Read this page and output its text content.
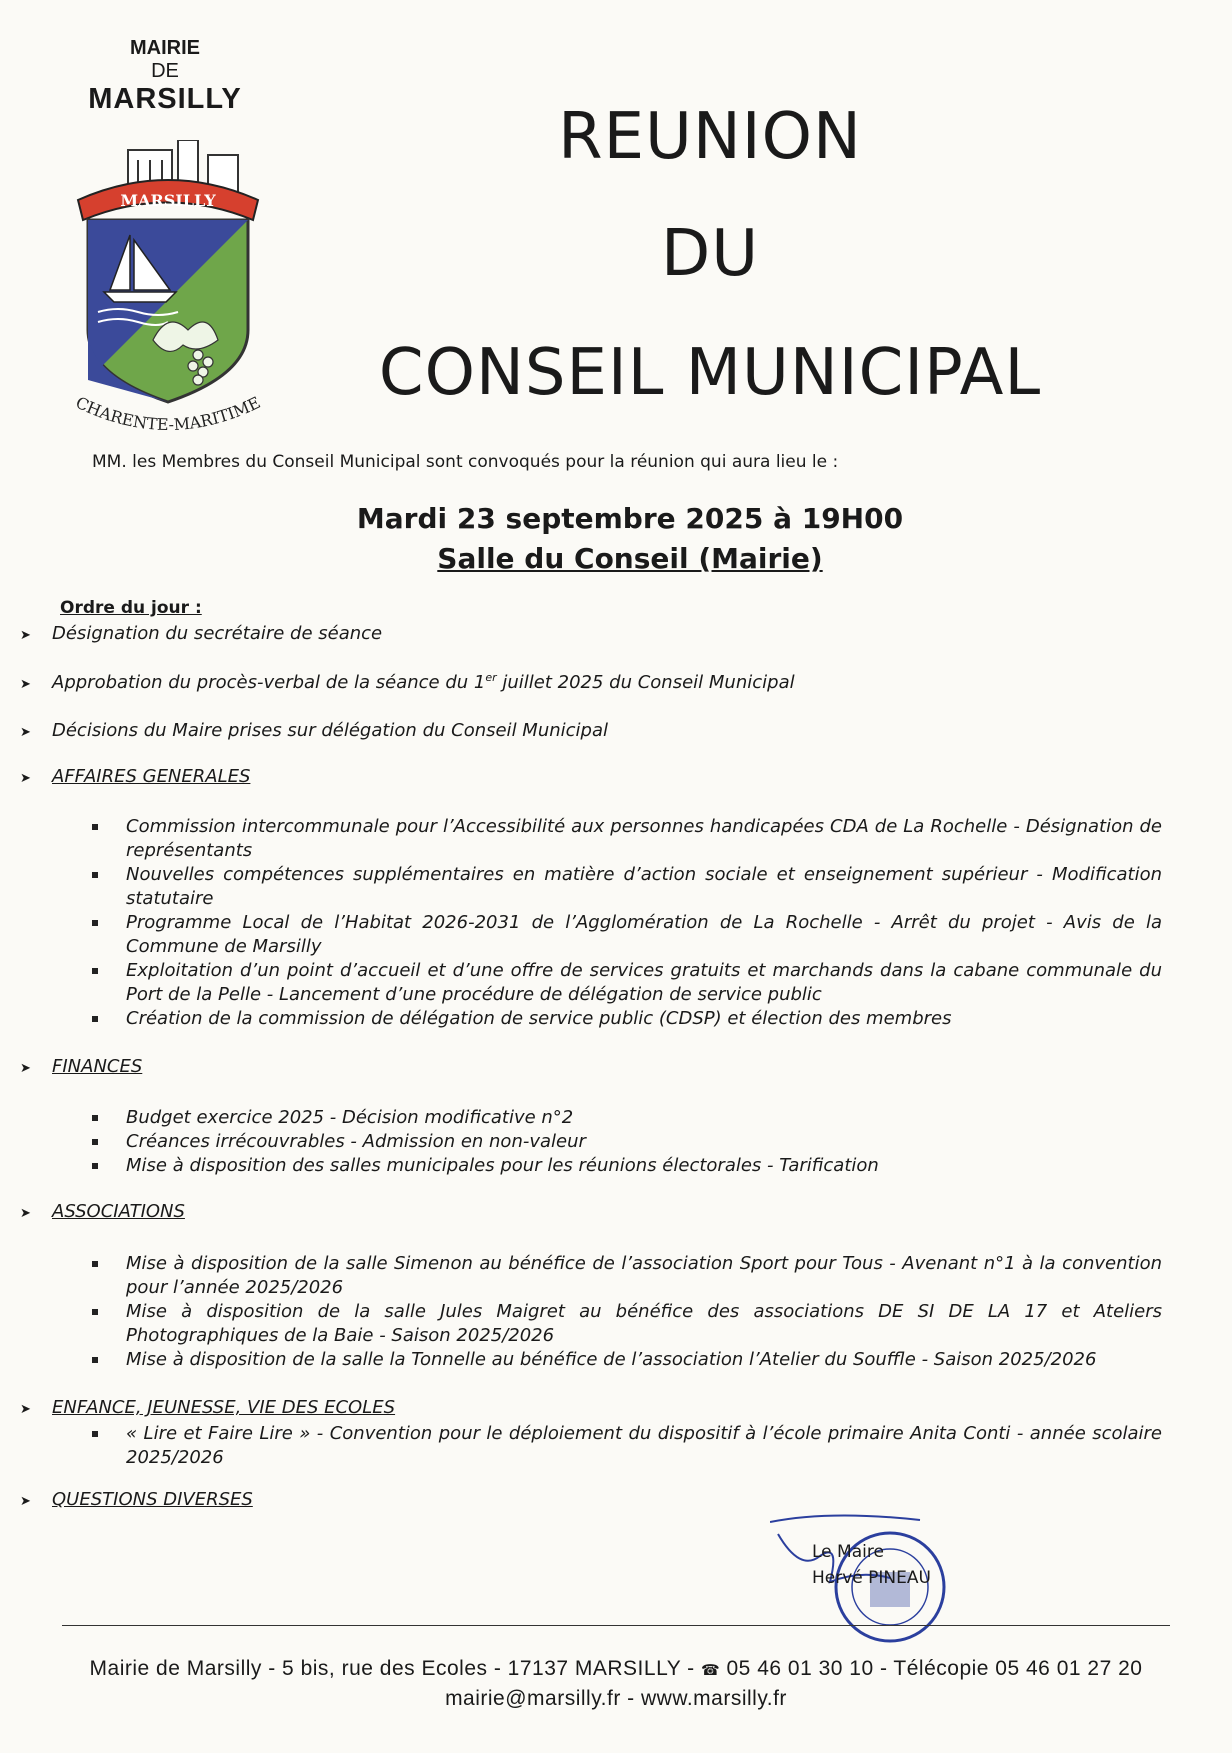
MAIRIE
DE
MARSILLY
MARSILLY
CHARENTE-MARITIME
REUNION
DU
CONSEIL MUNICIPAL
MM. les Membres du Conseil Municipal sont convoqués pour la réunion qui aura lieu le :
Mardi 23 septembre 2025 à 19H00
Salle du Conseil (Mairie)
Ordre du jour :
➤ Désignation du secrétaire de séance
➤ Approbation du procès-verbal de la séance du 1er juillet 2025 du Conseil Municipal
➤ Décisions du Maire prises sur délégation du Conseil Municipal
➤ AFFAIRES GENERALES
Commission intercommunale pour l’Accessibilité aux personnes handicapées CDA de La Rochelle - Désignation de représentants
Nouvelles compétences supplémentaires en matière d’action sociale et enseignement supérieur - Modification statutaire
Programme Local de l’Habitat 2026-2031 de l’Agglomération de La Rochelle - Arrêt du projet - Avis de la Commune de Marsilly
Exploitation d’un point d’accueil et d’une offre de services gratuits et marchands dans la cabane communale du Port de la Pelle - Lancement d’une procédure de délégation de service public
Création de la commission de délégation de service public (CDSP) et élection des membres
➤ FINANCES
Budget exercice 2025 - Décision modificative n°2
Créances irrécouvrables - Admission en non-valeur
Mise à disposition des salles municipales pour les réunions électorales - Tarification
➤ ASSOCIATIONS
Mise à disposition de la salle Simenon au bénéfice de l’association Sport pour Tous - Avenant n°1 à la convention pour l’année 2025/2026
Mise à disposition de la salle Jules Maigret au bénéfice des associations DE SI DE LA 17 et Ateliers Photographiques de la Baie - Saison 2025/2026
Mise à disposition de la salle la Tonnelle au bénéfice de l’association l’Atelier du Souffle - Saison 2025/2026
➤ ENFANCE, JEUNESSE, VIE DES ECOLES
« Lire et Faire Lire » - Convention pour le déploiement du dispositif à l’école primaire Anita Conti - année scolaire 2025/2026
➤ QUESTIONS DIVERSES
Le Maire
Hervé PINEAU
Mairie de Marsilly - 5 bis, rue des Ecoles - 17137 MARSILLY - ☎ 05 46 01 30 10 - Télécopie 05 46 01 27 20
mairie@marsilly.fr - www.marsilly.fr
